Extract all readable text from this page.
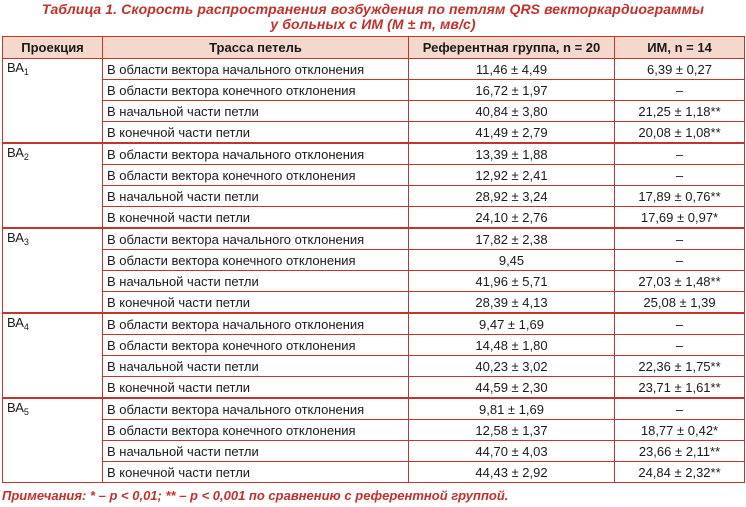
Таблица 1. Скорость распространения возбуждения по петлям QRS векторкардиограммы
у больных с ИМ (M ± m, мв/с)
Проекция	Трасса петель	Референтная группа, n = 20	ИМ, n = 14
$ВА_1$	В области вектора начального отклонения	11,46 ± 4,49	6,39 ± 0,27
	В области вектора конечного отклонения	16,72 ± 1,97	–
	В начальной части петли	40,84 ± 3,80	21,25 ± 1,18**
	В конечной части петли	41,49 ± 2,79	20,08 ± 1,08**
$ВА_2$	В области вектора начального отклонения	13,39 ± 1,88	–
	В области вектора конечного отклонения	12,92 ± 2,41	–
	В начальной части петли	28,92 ± 3,24	17,89 ± 0,76**
	В конечной части петли	24,10 ± 2,76	17,69 ± 0,97*
$ВА_3$	В области вектора начального отклонения	17,82 ± 2,38	–
	В области вектора конечного отклонения	9,45	–
	В начальной части петли	41,96 ± 5,71	27,03 ± 1,48**
	В конечной части петли	28,39 ± 4,13	25,08 ± 1,39
$ВА_4$	В области вектора начального отклонения	9,47 ± 1,69	–
	В области вектора конечного отклонения	14,48 ± 1,80	–
	В начальной части петли	40,23 ± 3,02	22,36 ± 1,75**
	В конечной части петли	44,59 ± 2,30	23,71 ± 1,61**
$ВА_5$	В области вектора начального отклонения	9,81 ± 1,69	–
	В области вектора конечного отклонения	12,58 ± 1,37	18,77 ± 0,42*
	В начальной части петли	44,70 ± 4,03	23,66 ± 2,11**
	В конечной части петли	44,43 ± 2,92	24,84 ± 2,32**
Примечания: * – p < 0,01; ** – p < 0,001 по сравнению с референтной группой.
